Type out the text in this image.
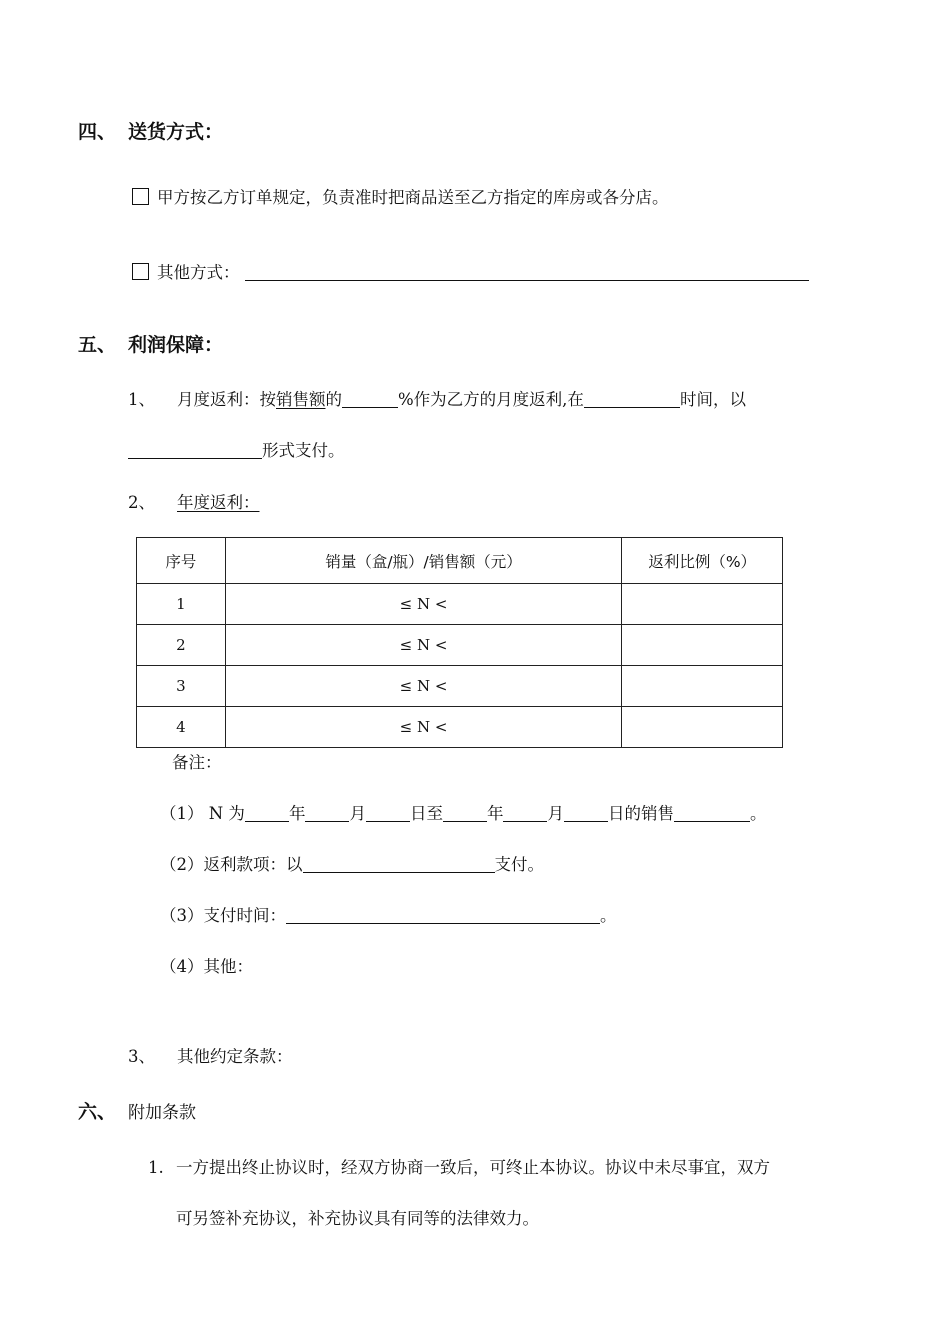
四、 送货方式：
甲方按乙方订单规定，负责准时把商品送至乙方指定的库房或各分店。
其他方式：
五、 利润保障：
1、 月度返利：按销售额的	%作为乙方的月度返利,在	时间，以
形式支付。
2、 年度返利：
序号	销量（盒/瓶）/销售额（元）	返利比例（%）
1	≤ N <	
2	≤ N <	
3	≤ N <	
4	≤ N <	
备注：
（1） N 为	年	月	日至	年	月	日的销售	。
（2）返利款项：以	支付。
（3）支付时间：	。
（4）其他：
3、 其他约定条款：
六、 附加条款
1. 一方提出终止协议时，经双方协商一致后，可终止本协议。协议中未尽事宜，双方
可另签补充协议，补充协议具有同等的法律效力。
